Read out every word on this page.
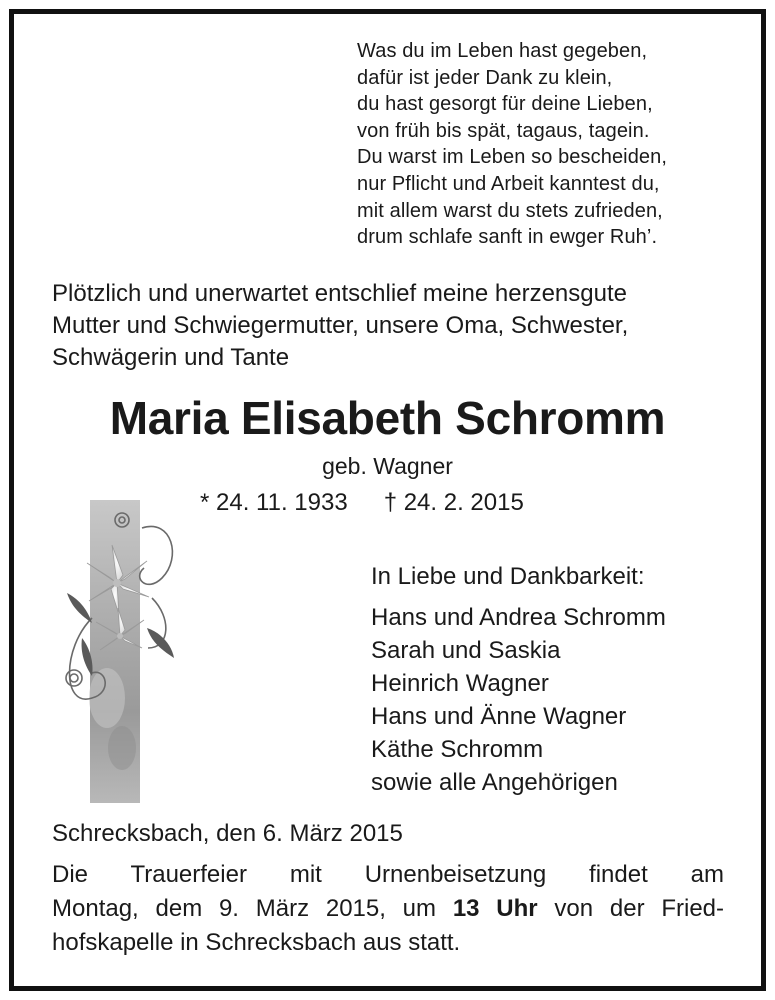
Was du im Leben hast gegeben,
dafür ist jeder Dank zu klein,
du hast gesorgt für deine Lieben,
von früh bis spät, tagaus, tagein.
Du warst im Leben so bescheiden,
nur Pflicht und Arbeit kanntest du,
mit allem warst du stets zufrieden,
drum schlafe sanft in ewger Ruh’.
Plötzlich und unerwartet entschlief meine herzensgute
Mutter und Schwiegermutter, unsere Oma, Schwester,
Schwägerin und Tante
Maria Elisabeth Schromm
geb. Wagner
* 24. 11. 1933 † 24. 2. 2015
In Liebe und Dankbarkeit:
Hans und Andrea Schromm
Sarah und Saskia
Heinrich Wagner
Hans und Änne Wagner
Käthe Schromm
sowie alle Angehörigen
Schrecksbach, den 6. März 2015
Die Trauerfeier mit Urnenbeisetzung findet am
Montag, dem 9. März 2015, um 13 Uhr von der Fried-
hofskapelle in Schrecksbach aus statt.
